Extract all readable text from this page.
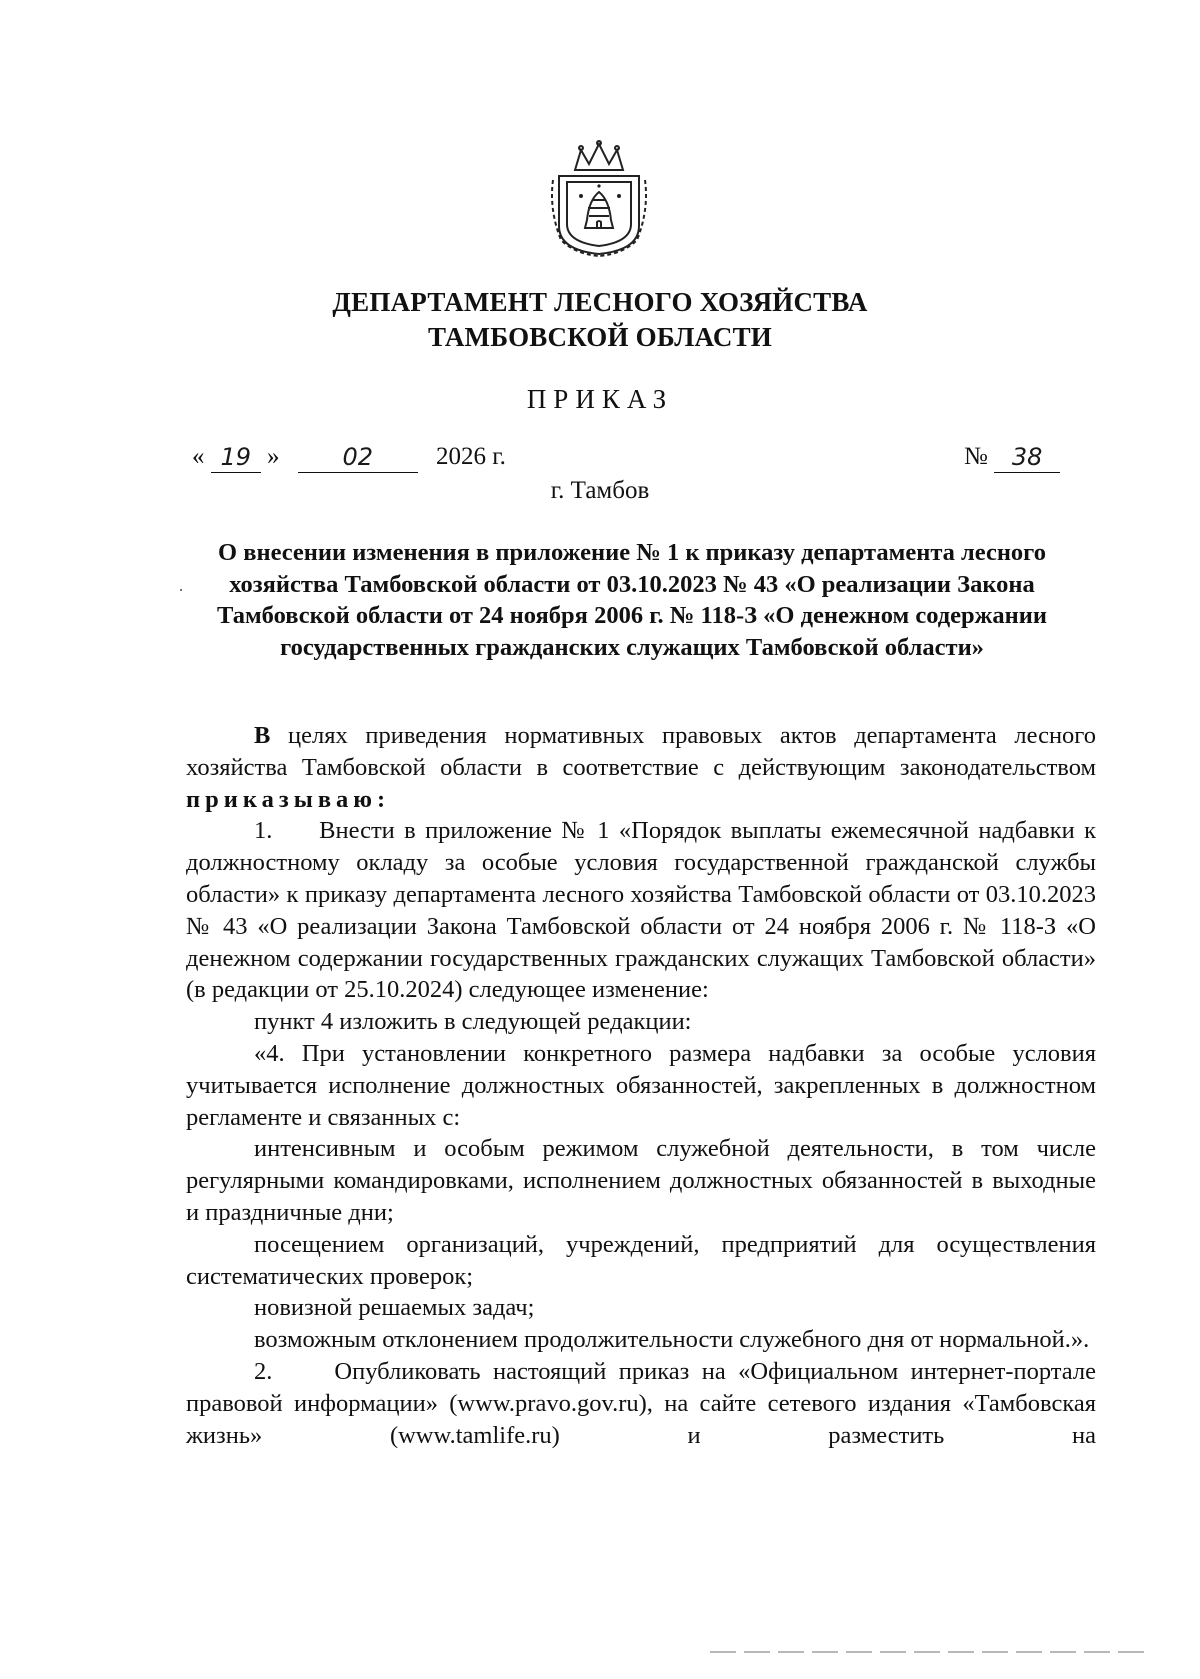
ДЕПАРТАМЕНТ ЛЕСНОГО ХОЗЯЙСТВА
ТАМБОВСКОЙ ОБЛАСТИ
ПРИКАЗ
« 19 »	02	2026 г.	№ 38
г. Тамбов
О внесении изменения в приложение № 1 к приказу департамента лесного хозяйства Тамбовской области от 03.10.2023 № 43 «О реализации Закона Тамбовской области от 24 ноября 2006 г. № 118-З «О денежном содержании государственных гражданских служащих Тамбовской области»

В целях приведения нормативных правовых актов департамента лесного хозяйства Тамбовской области в соответствие с действующим законодательством приказываю:

1.     Внести в приложение № 1 «Порядок выплаты ежемесячной надбавки к должностному окладу за особые условия государственной гражданской службы области» к приказу департамента лесного хозяйства Тамбовской области от 03.10.2023 № 43 «О реализации Закона Тамбовской области от 24 ноября 2006 г. № 118-З «О денежном содержании государственных гражданских служащих Тамбовской области» (в редакции от 25.10.2024) следующее изменение:

пункт 4 изложить в следующей редакции:

«4. При установлении конкретного размера надбавки за особые условия учитывается исполнение должностных обязанностей, закрепленных в должностном регламенте и связанных с:

интенсивным и особым режимом служебной деятельности, в том числе регулярными командировками, исполнением должностных обязанностей в выходные и праздничные дни;

посещением организаций, учреждений, предприятий для осуществления систематических проверок;

новизной решаемых задач;

возможным отклонением продолжительности служебного дня от нормальной.».

2.     Опубликовать настоящий приказ на «Официальном интернет-портале правовой информации» (www.pravo.gov.ru), на сайте сетевого издания «Тамбовская жизнь» (www.tamlife.ru) и разместить на
